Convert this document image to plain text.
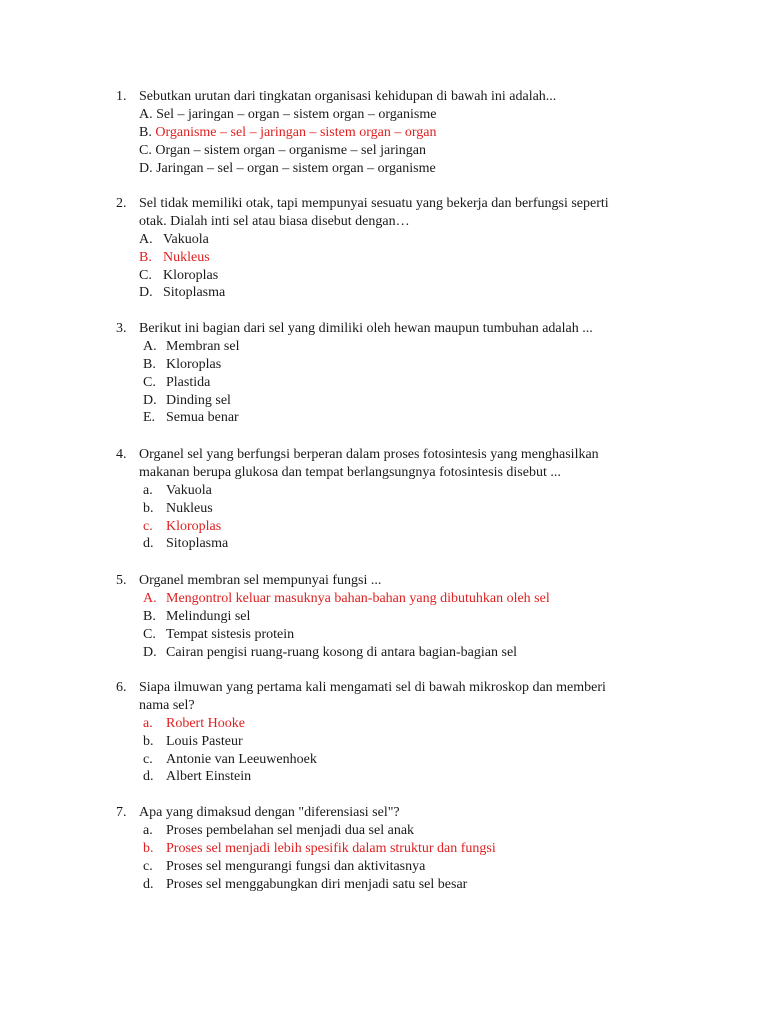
1. Sebutkan urutan dari tingkatan organisasi kehidupan di bawah ini adalah...
A. Sel – jaringan – organ – sistem organ – organisme
B. Organisme – sel – jaringan – sistem organ – organ
C. Organ – sistem organ – organisme – sel jaringan
D. Jaringan – sel – organ – sistem organ – organisme
2. Sel tidak memiliki otak, tapi mempunyai sesuatu yang bekerja dan berfungsi seperti
otak. Dialah inti sel atau biasa disebut dengan…
A. Vakuola
B. Nukleus
C. Kloroplas
D. Sitoplasma
3. Berikut ini bagian dari sel yang dimiliki oleh hewan maupun tumbuhan adalah ...
A. Membran sel
B. Kloroplas
C. Plastida
D. Dinding sel
E. Semua benar
4. Organel sel yang berfungsi berperan dalam proses fotosintesis yang menghasilkan
makanan berupa glukosa dan tempat berlangsungnya fotosintesis disebut ...
a. Vakuola
b. Nukleus
c. Kloroplas
d. Sitoplasma
5. Organel membran sel mempunyai fungsi ...
A. Mengontrol keluar masuknya bahan-bahan yang dibutuhkan oleh sel
B. Melindungi sel
C. Tempat sistesis protein
D. Cairan pengisi ruang-ruang kosong di antara bagian-bagian sel
6. Siapa ilmuwan yang pertama kali mengamati sel di bawah mikroskop dan memberi
nama sel?
a. Robert Hooke
b. Louis Pasteur
c. Antonie van Leeuwenhoek
d. Albert Einstein
7. Apa yang dimaksud dengan "diferensiasi sel"?
a. Proses pembelahan sel menjadi dua sel anak
b. Proses sel menjadi lebih spesifik dalam struktur dan fungsi
c. Proses sel mengurangi fungsi dan aktivitasnya
d. Proses sel menggabungkan diri menjadi satu sel besar
